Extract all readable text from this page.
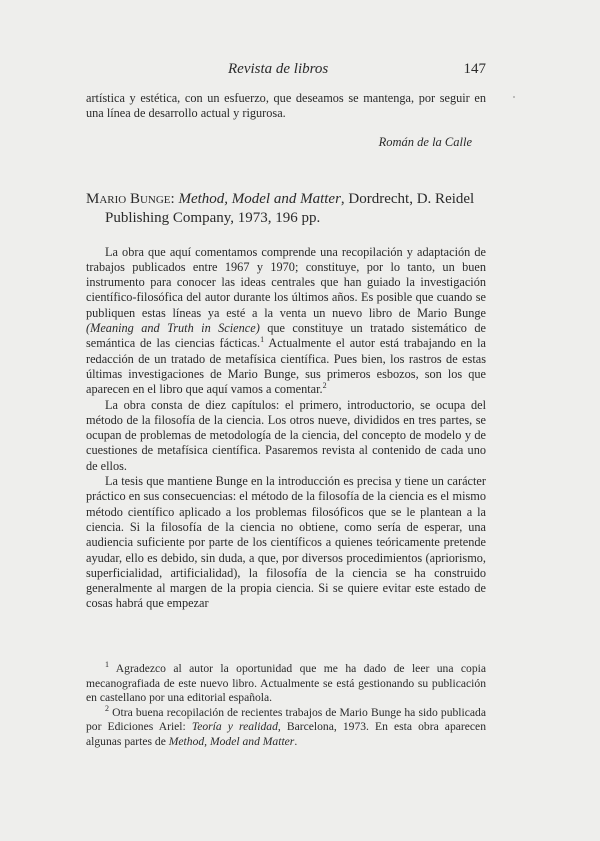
Revista de libros	147

artística y estética, con un esfuerzo, que deseamos se mantenga, por seguir en una línea de desarrollo actual y rigurosa.

Román de la Calle

Mario Bunge: Method, Model and Matter, Dordrecht, D. Reidel Publishing Company, 1973, 196 pp.

La obra que aquí comentamos comprende una recopilación y adaptación de trabajos publicados entre 1967 y 1970; constituye, por lo tanto, un buen instrumento para conocer las ideas centrales que han guiado la investigación científico-filosófica del autor durante los últimos años. Es posible que cuando se publiquen estas líneas ya esté a la venta un nuevo libro de Mario Bunge (Meaning and Truth in Science) que constituye un tratado sistemático de semántica de las ciencias fácticas.$^1$ Actualmente el autor está trabajando en la redacción de un tratado de metafísica científica. Pues bien, los rastros de estas últimas investigaciones de Mario Bunge, sus primeros esbozos, son los que aparecen en el libro que aquí vamos a comentar.$^2$

La obra consta de diez capítulos: el primero, introductorio, se ocupa del método de la filosofía de la ciencia. Los otros nueve, divididos en tres partes, se ocupan de problemas de metodología de la ciencia, del concepto de modelo y de cuestiones de metafísica científica. Pasaremos revista al contenido de cada uno de ellos.

La tesis que mantiene Bunge en la introducción es precisa y tiene un carácter práctico en sus consecuencias: el método de la filosofía de la ciencia es el mismo método científico aplicado a los problemas filosóficos que se le plantean a la ciencia. Si la filosofía de la ciencia no obtiene, como sería de esperar, una audiencia suficiente por parte de los científicos a quienes teóricamente pretende ayudar, ello es debido, sin duda, a que, por diversos procedimientos (apriorismo, superficialidad, artificialidad), la filosofía de la ciencia se ha construido generalmente al margen de la propia ciencia. Si se quiere evitar este estado de cosas habrá que empezar

$^1$ Agradezco al autor la oportunidad que me ha dado de leer una copia mecanografiada de este nuevo libro. Actualmente se está gestionando su publicación en castellano por una editorial española.

$^2$ Otra buena recopilación de recientes trabajos de Mario Bunge ha sido publicada por Ediciones Ariel: Teoría y realidad, Barcelona, 1973. En esta obra aparecen algunas partes de Method, Model and Matter.
